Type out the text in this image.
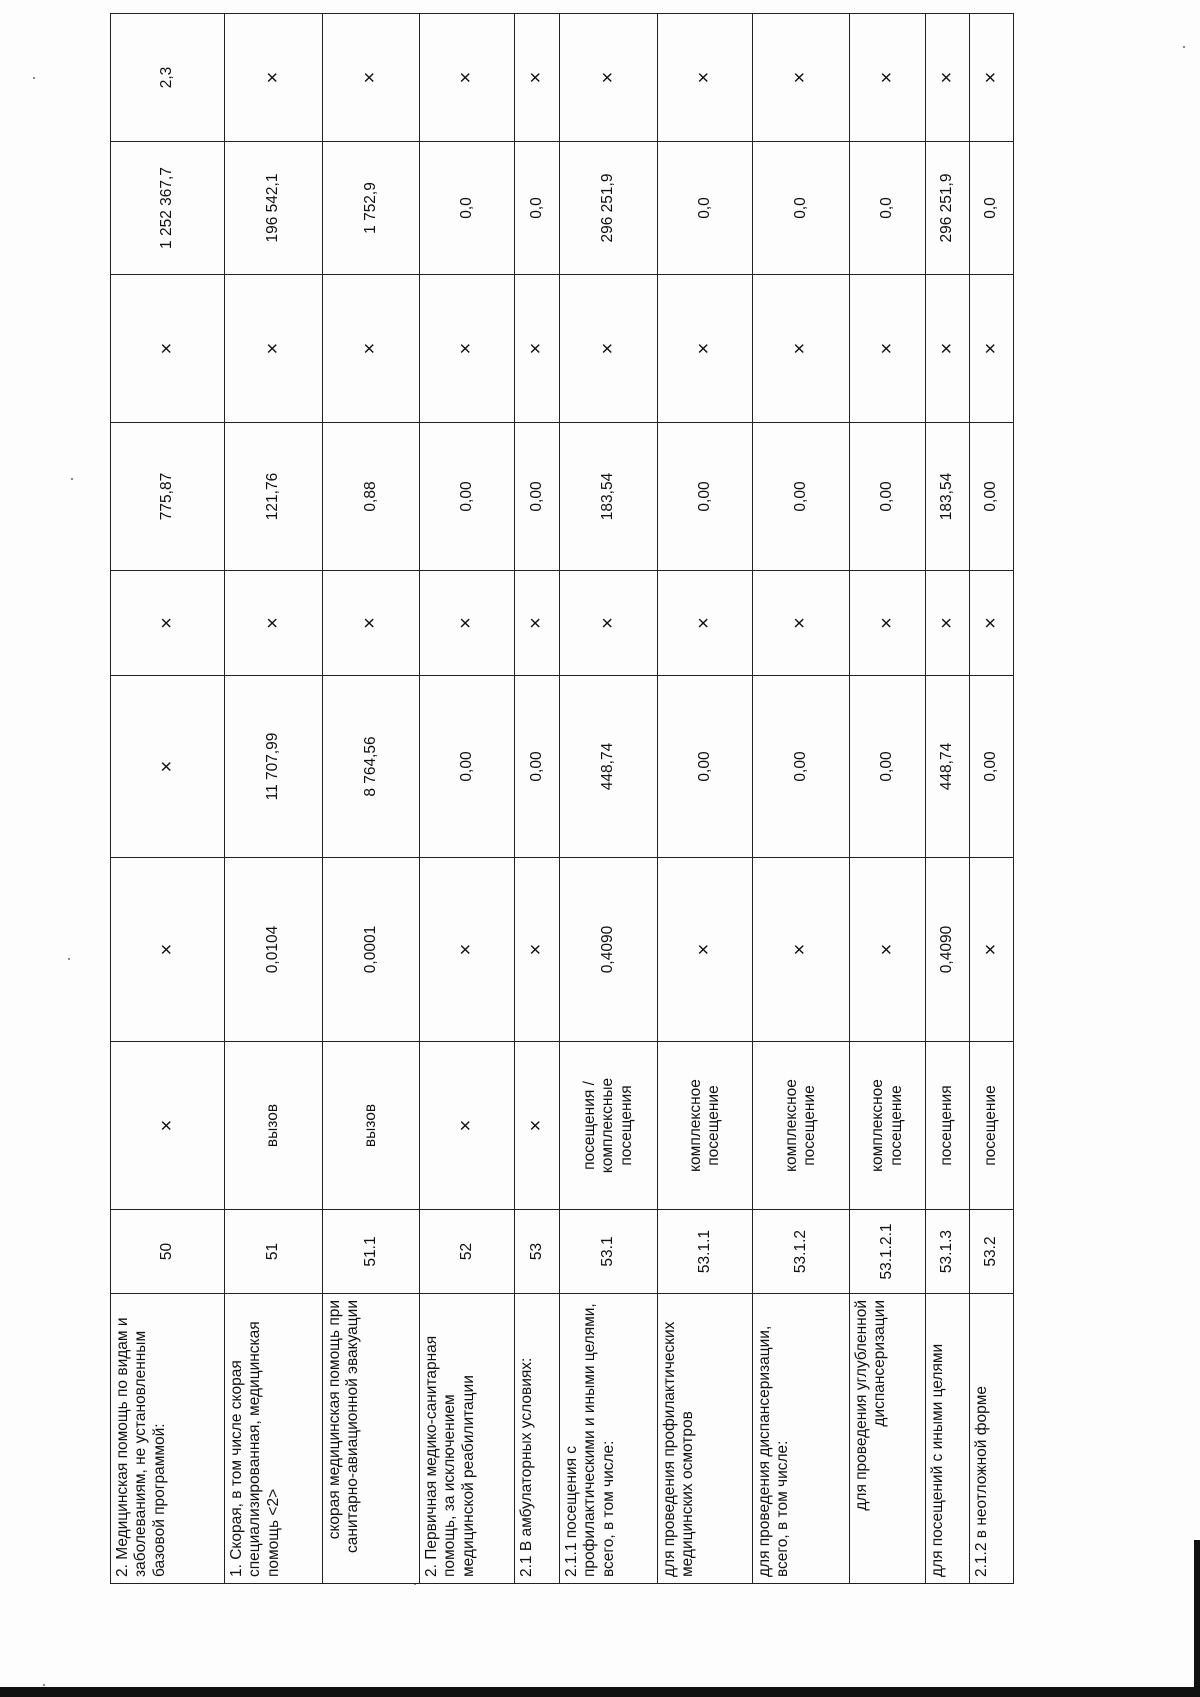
2. Медицинская помощь по видам и заболеваниям, не установленным базовой программой:	50	×	×	×	×	775,87	×	1 252 367,7	2,3
1. Скорая, в том числе скорая специализированная, медицинская помощь <2>	51	вызов	0,0104	11 707,99	×	121,76	×	196 542,1	×
скорая медицинская помощь при санитарно-авиационной эвакуации	51.1	вызов	0,0001	8 764,56	×	0,88	×	1 752,9	×
2. Первичная медико-санитарная помощь, за исключением медицинской реабилитации	52	×	×	0,00	×	0,00	×	0,0	×
2.1 В амбулаторных условиях:	53	×	×	0,00	×	0,00	×	0,0	×
2.1.1 посещения с профилактическими и иными целями, всего, в том числе:	53.1	посещения / комплексные посещения	0,4090	448,74	×	183,54	×	296 251,9	×
для проведения профилактических медицинских осмотров	53.1.1	комплексное посещение	×	0,00	×	0,00	×	0,0	×
для проведения диспансеризации, всего, в том числе:	53.1.2	комплексное посещение	×	0,00	×	0,00	×	0,0	×
для проведения углубленной диспансеризации	53.1.2.1	комплексное посещение	×	0,00	×	0,00	×	0,0	×
для посещений с иными целями	53.1.3	посещения	0,4090	448,74	×	183,54	×	296 251,9	×
2.1.2 в неотложной форме	53.2	посещение	×	0,00	×	0,00	×	0,0	×
